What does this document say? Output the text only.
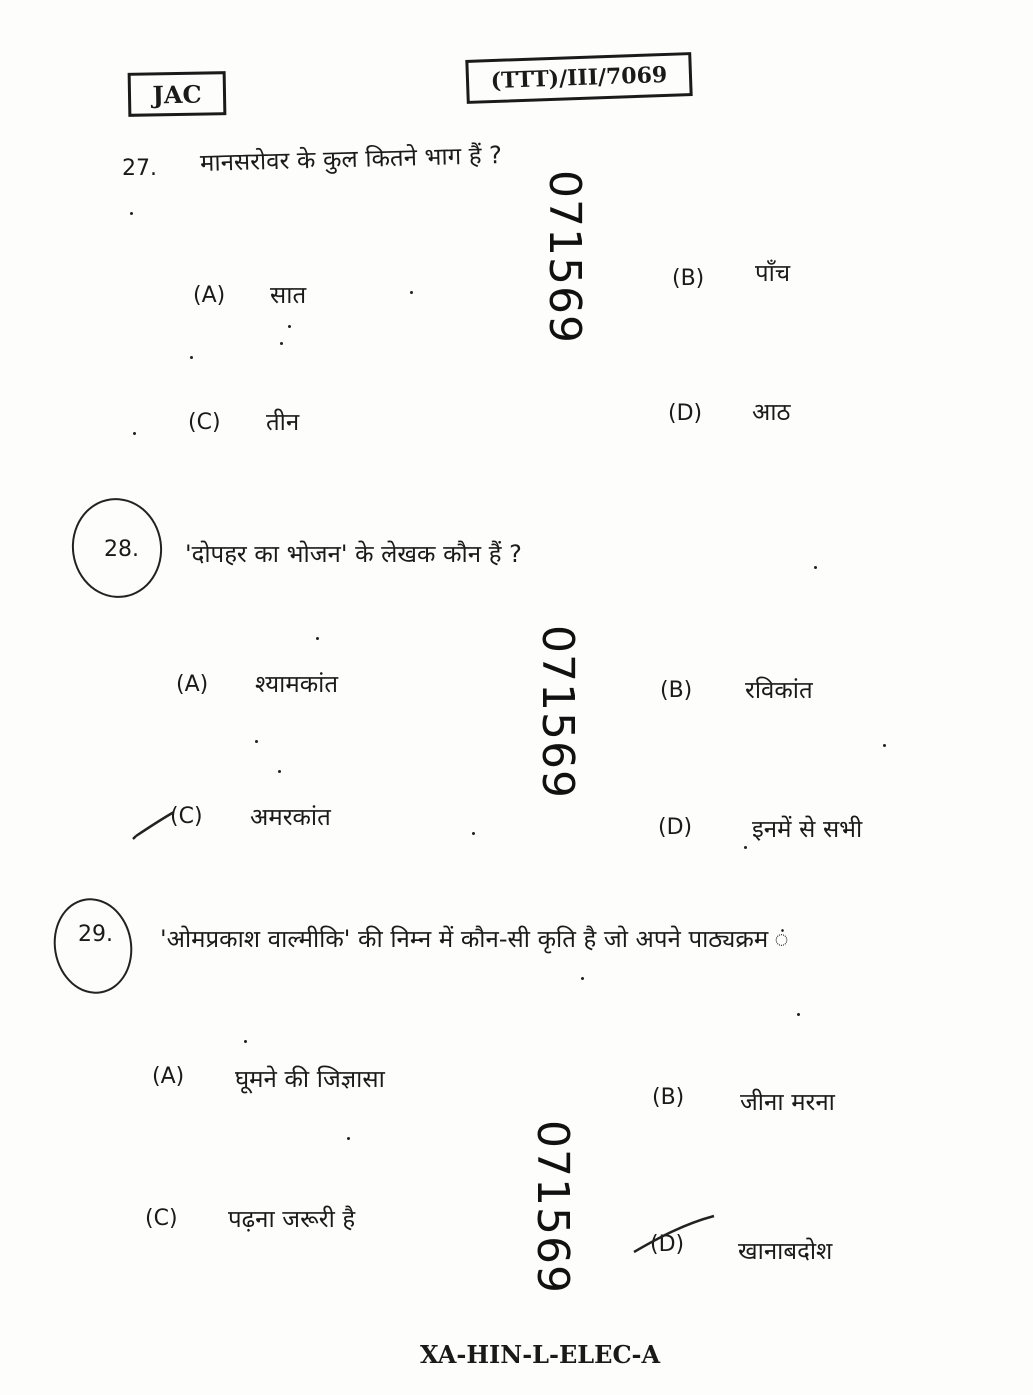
JAC	(TTT)/III/7069
27. मानसरोवर के कुल कितने भाग हैं ?
(A) सात
(B) पाँच
(C) तीन	(D) आठ
071569
28. 'दोपहर का भोजन' के लेखक कौन हैं ?
(A) श्यामकांत	(B) रविकांत
(C) अमरकांत	(D) इनमें से सभी
071569
29. 'ओमप्रकाश वाल्मीकि' की निम्न में कौन-सी कृति है जो अपने पाठ्यक्रम ं
(A) घूमने की जिज्ञासा
(B) जीना मरना
(C) पढ़ना जरूरी है
(D) खानाबदोश
071569
XA-HIN-L-ELEC-A
